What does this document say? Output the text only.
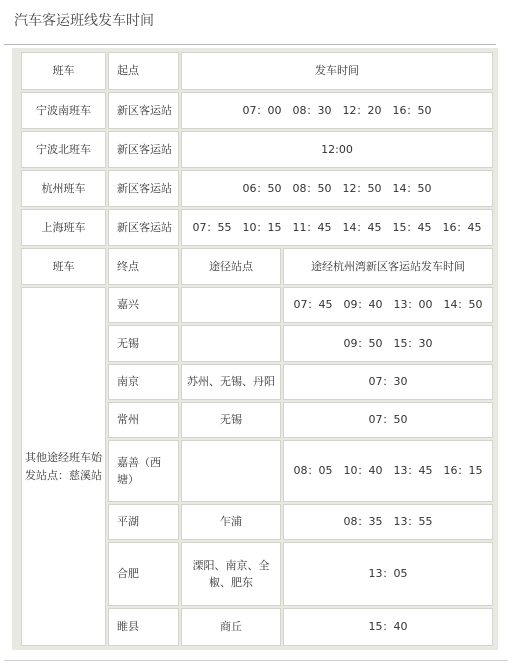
汽车客运班线发车时间
班车	起点	发车时间	
宁波南班车	新区客运站	07：00　08：30　12：20　16：50	
宁波北班车	新区客运站	12:00	
杭州班车	新区客运站	06：50　08：50　12：50　14：50	
上海班车	新区客运站	07：55　10：15　11：45　14：45　15：45　16：45	
班车	终点	途径站点	途经杭州湾新区客运站发车时间
其他途经班车始发站点：慈溪站	嘉兴		07：45　09：40　13：00　14：50
	无锡		09：50　15：30
	南京	苏州、无锡、丹阳	07：30
	常州	无锡	07：50
	嘉善（西塘）		08：05　10：40　13：45　16：15
	平湖	乍浦	08：35　13：55
	合肥	溧阳、南京、全椒、肥东	13：05
	睢县	商丘	15：40
